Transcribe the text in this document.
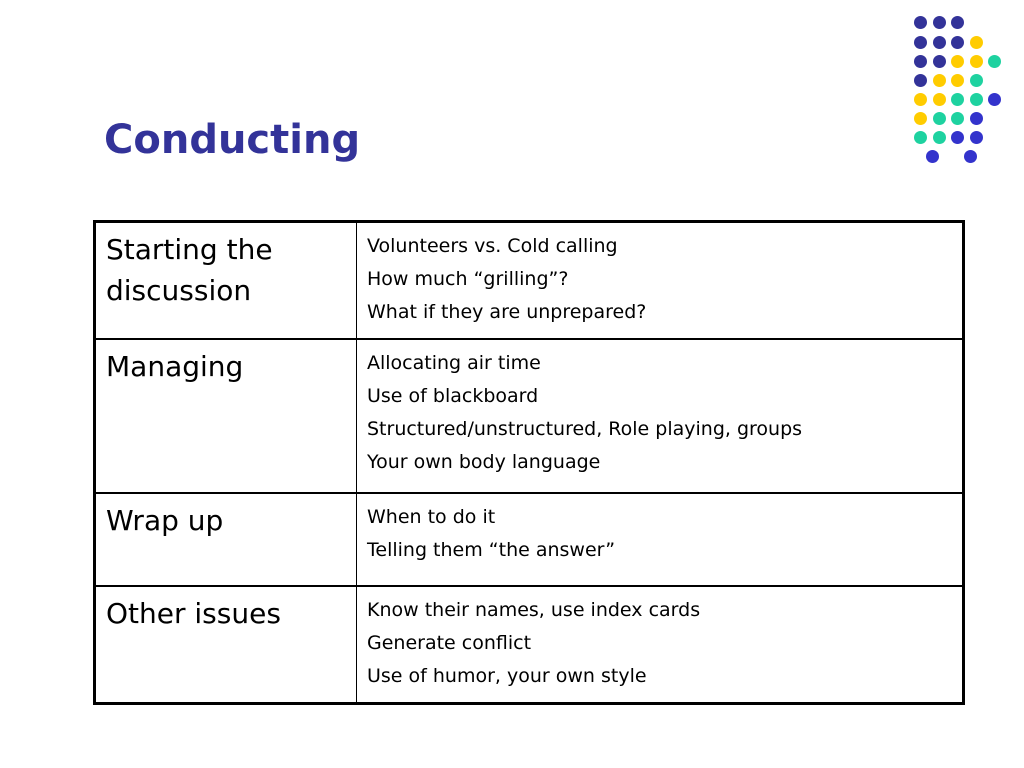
Conducting
Starting the discussion	Volunteers vs. Cold calling
How much “grilling”?
What if they are unprepared?

Managing	Allocating air time
Use of blackboard
Structured/unstructured, Role playing, groups
Your own body language

Wrap up	When to do it
Telling them “the answer”

Other issues	Know their names, use index cards
Generate conflict
Use of humor, your own style
